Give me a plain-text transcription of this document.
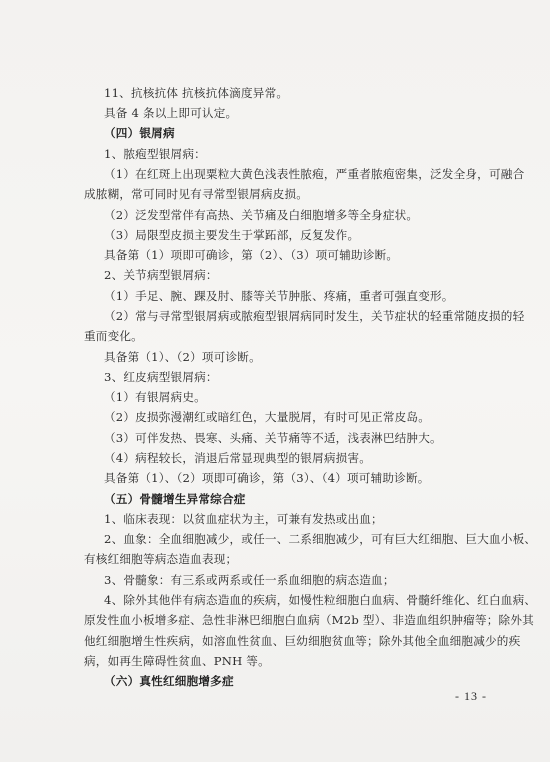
11、抗核抗体 抗核抗体滴度异常。
具备 4 条以上即可认定。
（四）银屑病
1、脓疱型银屑病：
（1）在红斑上出现粟粒大黄色浅表性脓疱，严重者脓疱密集，泛发全身，可融合
成脓糊，常可同时见有寻常型银屑病皮损。
（2）泛发型常伴有高热、关节痛及白细胞增多等全身症状。
（3）局限型皮损主要发生于掌跖部，反复发作。
具备第（1）项即可确诊，第（2）、（3）项可辅助诊断。
2、关节病型银屑病：
（1）手足、腕、踝及肘、膝等关节肿胀、疼痛，重者可强直变形。
（2）常与寻常型银屑病或脓疱型银屑病同时发生，关节症状的轻重常随皮损的轻
重而变化。
具备第（1）、（2）项可诊断。
3、红皮病型银屑病：
（1）有银屑病史。
（2）皮损弥漫潮红或暗红色，大量脱屑，有时可见正常皮岛。
（3）可伴发热、畏寒、头痛、关节痛等不适，浅表淋巴结肿大。
（4）病程较长，消退后常显现典型的银屑病损害。
具备第（1）、（2）项即可确诊，第（3）、（4）项可辅助诊断。
（五）骨髓增生异常综合症
1、临床表现：以贫血症状为主，可兼有发热或出血；
2、血象：全血细胞减少，或任一、二系细胞减少，可有巨大红细胞、巨大血小板、
有核红细胞等病态造血表现；
3、骨髓象：有三系或两系或任一系血细胞的病态造血；
4、除外其他伴有病态造血的疾病，如慢性粒细胞白血病、骨髓纤维化、红白血病、
原发性血小板增多症、急性非淋巴细胞白血病（M2b 型）、非造血组织肿瘤等；除外其
他红细胞增生性疾病，如溶血性贫血、巨幼细胞贫血等；除外其他全血细胞减少的疾
病，如再生障碍性贫血、PNH 等。
（六）真性红细胞增多症
- 13 -
